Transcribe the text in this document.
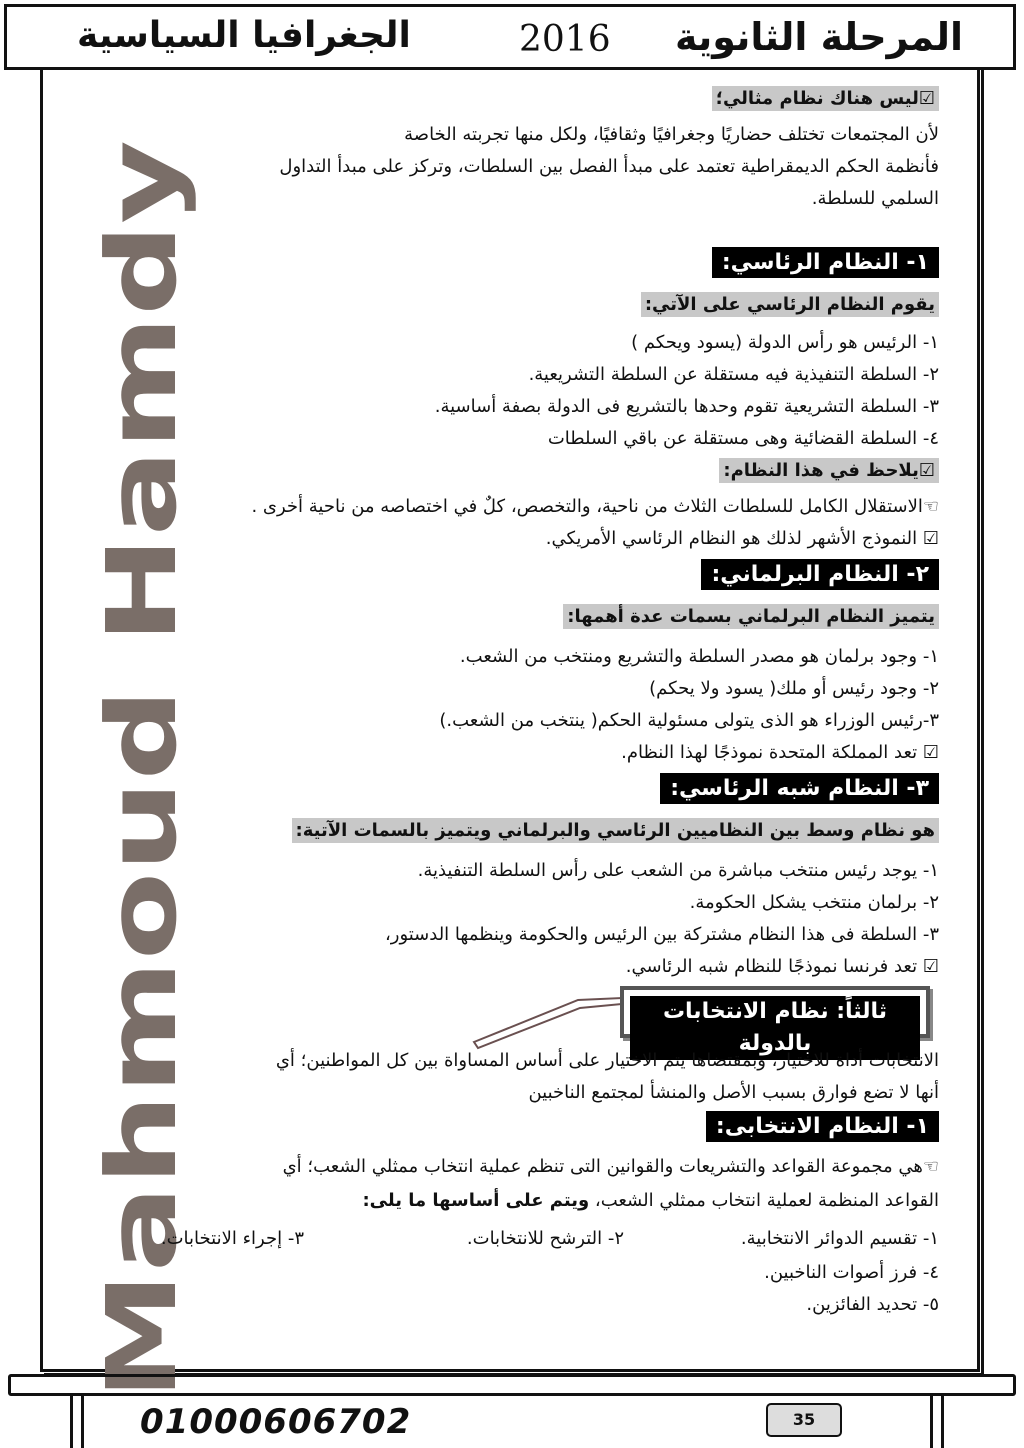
المرحلة الثانوية
2016
الجغرافيا السياسية
Mahmoud Hamdy
☑ليس هناك نظام مثالي؛
لأن المجتمعات تختلف حضاريًا وجغرافيًا وثقافيًا، ولكل منها تجربته الخاصة
فأنظمة الحكم الديمقراطية تعتمد على مبدأ الفصل بين السلطات، وتركز على مبدأ التداول
السلمي للسلطة.
١- النظام الرئاسي:
يقوم النظام الرئاسي على الآتي:
١- الرئيس هو رأس الدولة (يسود ويحكم )
٢- السلطة التنفيذية فيه مستقلة عن السلطة التشريعية.
٣- السلطة التشريعية تقوم وحدها بالتشريع فى الدولة بصفة أساسية.
٤- السلطة القضائية وهى مستقلة عن باقي السلطات
☑يلاحظ في هذا النظام:
☜الاستقلال الكامل للسلطات الثلاث من ناحية، والتخصص، كلٌ في اختصاصه من ناحية أخرى .
☑ النموذج الأشهر لذلك هو النظام الرئاسي الأمريكي.
٢- النظام البرلماني:
يتميز النظام البرلماني بسمات عدة أهمها:
١- وجود برلمان هو مصدر السلطة والتشريع ومنتخب من الشعب.
٢- وجود رئيس أو ملك( يسود ولا يحكم)
٣-رئيس الوزراء هو الذى يتولى مسئولية الحكم( ينتخب من الشعب.)
☑ تعد المملكة المتحدة نموذجًا لهذا النظام.
٣- النظام شبه الرئاسي:
هو نظام وسط بين النظاميين الرئاسي والبرلماني ويتميز بالسمات الآتية:
١- يوجد رئيس منتخب مباشرة من الشعب على رأس السلطة التنفيذية.
٢- برلمان منتخب يشكل الحكومة.
٣- السلطة فى هذا النظام مشتركة بين الرئيس والحكومة وينظمها الدستور،
☑ تعد فرنسا نموذجًا للنظام شبه الرئاسي.
ثالثاً: نظام الانتخابات بالدولة
الانتخابات أداة للاختيار، وبمقتضاها يتم الاختيار على أساس المساواة بين كل المواطنين؛ أي
أنها لا تضع فوارق بسبب الأصل والمنشأ لمجتمع الناخبين
١- النظام الانتخابى:
☜هي مجموعة القواعد والتشريعات والقوانين التى تنظم عملية انتخاب ممثلي الشعب؛ أي
القواعد المنظمة لعملية انتخاب ممثلي الشعب، ويتم على أساسها ما يلى:
١- تقسيم الدوائر الانتخابية.
٢- الترشح للانتخابات.
٣- إجراء الانتخابات.
٤- فرز أصوات الناخبين.
٥- تحديد الفائزين.
01000606702	35
